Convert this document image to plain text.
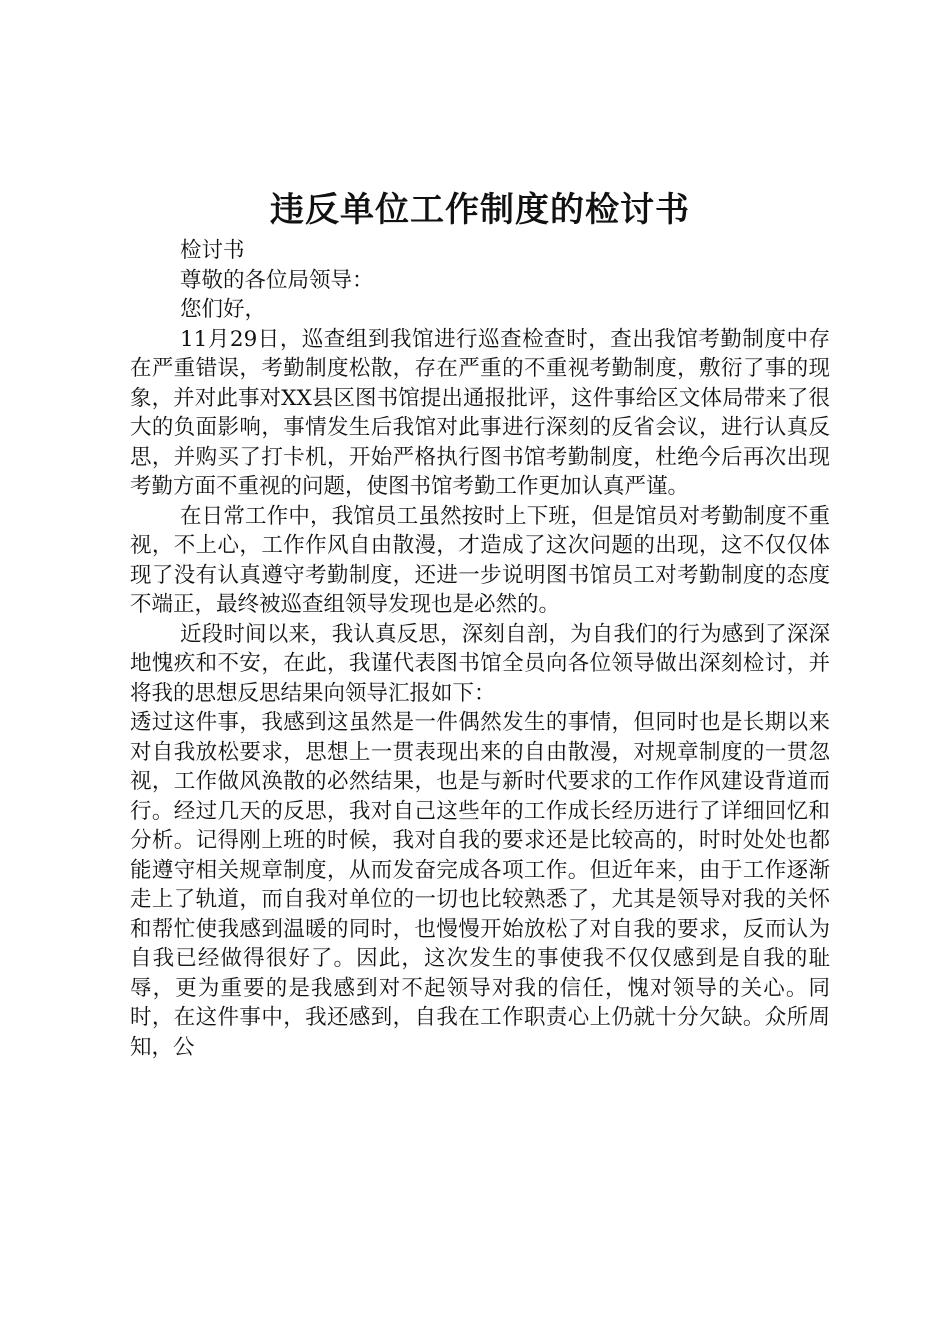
违反单位工作制度的检讨书

检讨书

尊敬的各位局领导：

您们好，

11月29日，巡查组到我馆进行巡查检查时，查出我馆考勤制度中存在严重错误，考勤制度松散，存在严重的不重视考勤制度，敷衍了事的现象，并对此事对XX县区图书馆提出通报批评，这件事给区文体局带来了很大的负面影响，事情发生后我馆对此事进行深刻的反省会议，进行认真反思，并购买了打卡机，开始严格执行图书馆考勤制度，杜绝今后再次出现考勤方面不重视的问题，使图书馆考勤工作更加认真严谨。

在日常工作中，我馆员工虽然按时上下班，但是馆员对考勤制度不重视，不上心，工作作风自由散漫，才造成了这次问题的出现，这不仅仅体现了没有认真遵守考勤制度，还进一步说明图书馆员工对考勤制度的态度不端正，最终被巡查组领导发现也是必然的。

近段时间以来，我认真反思，深刻自剖，为自我们的行为感到了深深地愧疚和不安，在此，我谨代表图书馆全员向各位领导做出深刻检讨，并将我的思想反思结果向领导汇报如下：

透过这件事，我感到这虽然是一件偶然发生的事情，但同时也是长期以来对自我放松要求，思想上一贯表现出来的自由散漫，对规章制度的一贯忽视，工作做风涣散的必然结果，也是与新时代要求的工作作风建设背道而行。经过几天的反思，我对自己这些年的工作成长经历进行了详细回忆和分析。记得刚上班的时候，我对自我的要求还是比较高的，时时处处也都能遵守相关规章制度，从而发奋完成各项工作。但近年来，由于工作逐渐走上了轨道，而自我对单位的一切也比较熟悉了，尤其是领导对我的关怀和帮忙使我感到温暖的同时，也慢慢开始放松了对自我的要求，反而认为自我已经做得很好了。因此，这次发生的事使我不仅仅感到是自我的耻辱，更为重要的是我感到对不起领导对我的信任，愧对领导的关心。同时，在这件事中，我还感到，自我在工作职责心上仍就十分欠缺。众所周知，公
